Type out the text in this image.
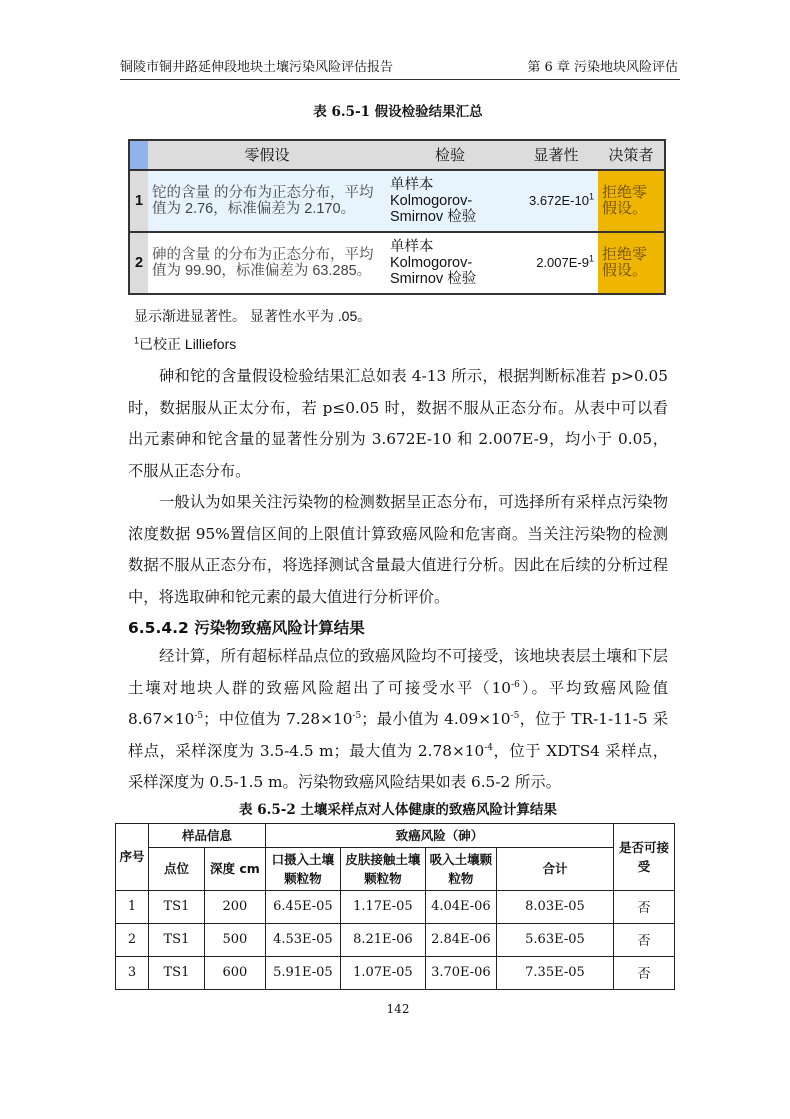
铜陵市铜井路延伸段地块土壤污染风险评估报告	第 6 章 污染地块风险评估
表 6.5-1 假设检验结果汇总
	零假设	检验	显著性	决策者
1	铊的含量 的分布为正态分布，平均值为 2.76，标准偏差为 2.170。	单样本 Kolmogorov-Smirnov 检验	$3.672E-10^1$	拒绝零假设。
2	砷的含量 的分布为正态分布，平均值为 99.90，标准偏差为 63.285。	单样本 Kolmogorov-Smirnov 检验	$2.007E-9^1$	拒绝零假设。
显示渐进显著性。 显著性水平为 .05。
$^1$已校正 Lilliefors

砷和铊的含量假设检验结果汇总如表 4-13 所示，根据判断标准若 p>0.05 时，数据服从正太分布，若 p≤0.05 时，数据不服从正态分布。从表中可以看出元素砷和铊含量的显著性分别为 3.672E-10 和 2.007E-9，均小于 0.05，不服从正态分布。

一般认为如果关注污染物的检测数据呈正态分布，可选择所有采样点污染物浓度数据 95%置信区间的上限值计算致癌风险和危害商。当关注污染物的检测数据不服从正态分布，将选择测试含量最大值进行分析。因此在后续的分析过程中，将选取砷和铊元素的最大值进行分析评价。

6.5.4.2 污染物致癌风险计算结果

经计算，所有超标样品点位的致癌风险均不可接受，该地块表层土壤和下层土壤对地块人群的致癌风险超出了可接受水平$(10^{-6})$。平均致癌风险值 $8.67\times 10^{-5}$；中位值为 $7.28\times 10^{-5}$；最小值为 $4.09\times 10^{-5}$，位于 TR-1-11-5 采样点，采样深度为 3.5-4.5 m；最大值为 $2.78\times 10^{-4}$，位于 XDTS4 采样点，采样深度为 0.5-1.5 m。污染物致癌风险结果如表 6.5-2 所示。

表 6.5-2 土壤采样点对人体健康的致癌风险计算结果
序号	样品信息		致癌风险（砷）				是否可接受
	点位	深度 cm	口摄入土壤颗粒物	皮肤接触土壤颗粒物	吸入土壤颗粒物	合计	
1	TS1	200	6.45E-05	1.17E-05	4.04E-06	8.03E-05	否
2	TS1	500	4.53E-05	8.21E-06	2.84E-06	5.63E-05	否
3	TS1	600	5.91E-05	1.07E-05	3.70E-06	7.35E-05	否
142
